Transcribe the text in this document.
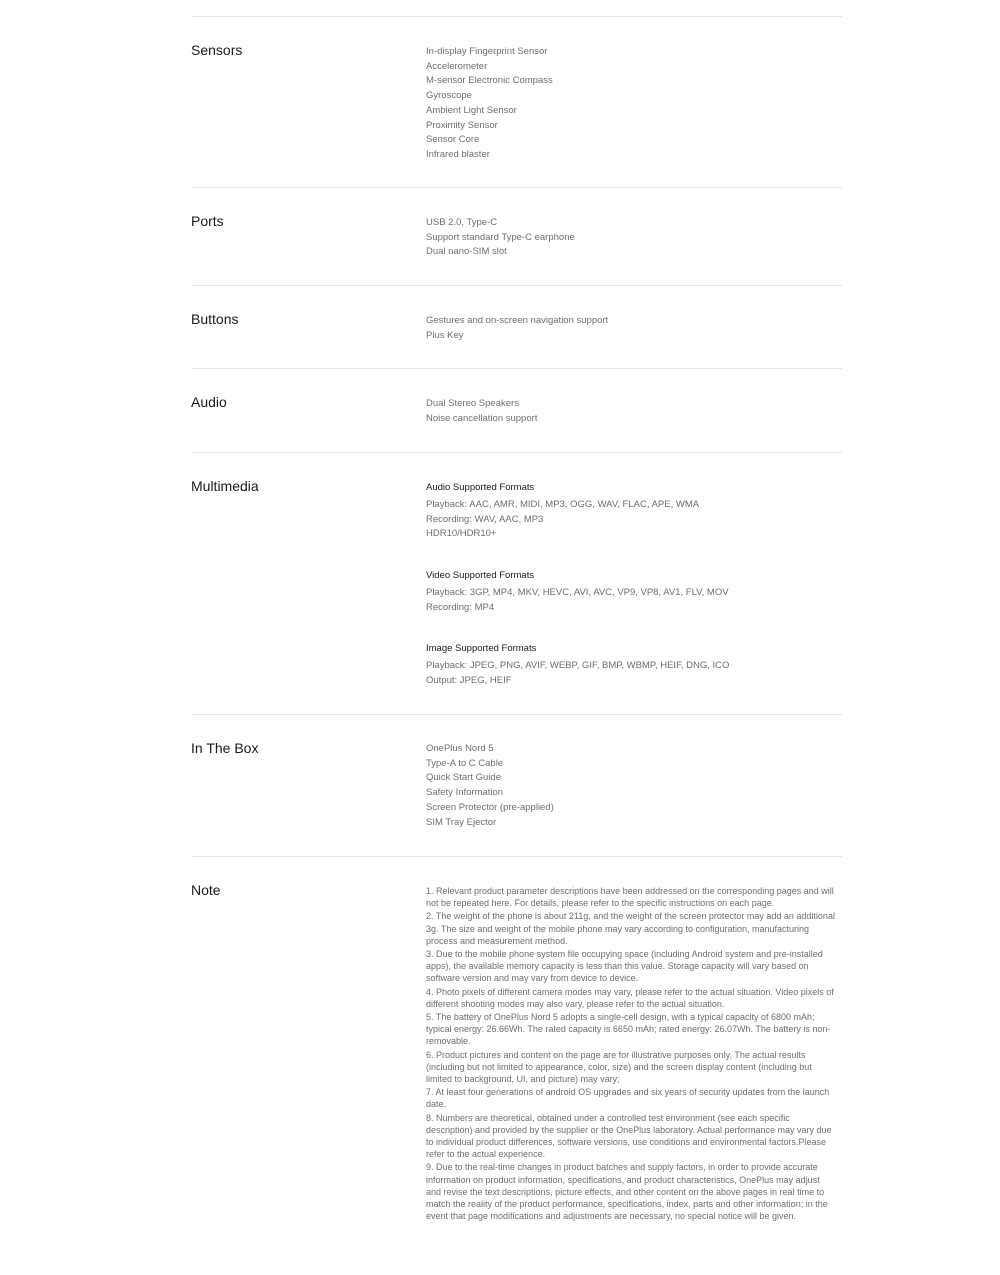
Sensors	In-display Fingerprint Sensor
Accelerometer
M-sensor Electronic Compass
Gyroscope
Ambient Light Sensor
Proximity Sensor
Sensor Core
Infrared blaster
Ports	USB 2.0, Type-C
Support standard Type-C earphone
Dual nano-SIM slot
Buttons	Gestures and on-screen navigation support
Plus Key
Audio	Dual Stereo Speakers
Noise cancellation support
Multimedia	Audio Supported Formats
Playback: AAC, AMR, MIDI, MP3, OGG, WAV, FLAC, APE, WMA
Recording: WAV, AAC, MP3
HDR10/HDR10+
Video Supported Formats
Playback: 3GP, MP4, MKV, HEVC, AVI, AVC, VP9, VP8, AV1, FLV, MOV
Recording: MP4
Image Supported Formats
Playback: JPEG, PNG, AVIF, WEBP, GIF, BMP, WBMP, HEIF, DNG, ICO
Output: JPEG, HEIF
In The Box	OnePlus Nord 5
Type-A to C Cable
Quick Start Guide
Safety Information
Screen Protector (pre-applied)
SIM Tray Ejector
Note	1. Relevant product parameter descriptions have been addressed on the corresponding pages and will not be repeated here. For details, please refer to the specific instructions on each page.
2. The weight of the phone is about 211g, and the weight of the screen protector may add an additional 3g. The size and weight of the mobile phone may vary according to configuration, manufacturing process and measurement method.
3. Due to the mobile phone system file occupying space (including Android system and pre-installed apps), the available memory capacity is less than this value. Storage capacity will vary based on software version and may vary from device to device.
4. Photo pixels of different camera modes may vary, please refer to the actual situation. Video pixels of different shooting modes may also vary, please refer to the actual situation.
5. The battery of OnePlus Nord 5 adopts a single-cell design, with a typical capacity of 6800 mAh; typical energy: 26.66Wh. The rated capacity is 6650 mAh; rated energy: 26.07Wh. The battery is non-removable.
6. Product pictures and content on the page are for illustrative purposes only. The actual results (including but not limited to appearance, color, size) and the screen display content (including but limited to background, UI, and picture) may vary;
7. At least four generations of android OS upgrades and six years of security updates from the launch date.
8. Numbers are theoretical, obtained under a controlled test environment (see each specific description) and provided by the supplier or the OnePlus laboratory. Actual performance may vary due to individual product differences, software versions, use conditions and environmental factors.Please refer to the actual experience.
9. Due to the real-time changes in product batches and supply factors, in order to provide accurate information on product information, specifications, and product characteristics, OnePlus may adjust and revise the text descriptions, picture effects, and other content on the above pages in real time to match the reality of the product performance, specifications, index, parts and other information; in the event that page modifications and adjustments are necessary, no special notice will be given.
